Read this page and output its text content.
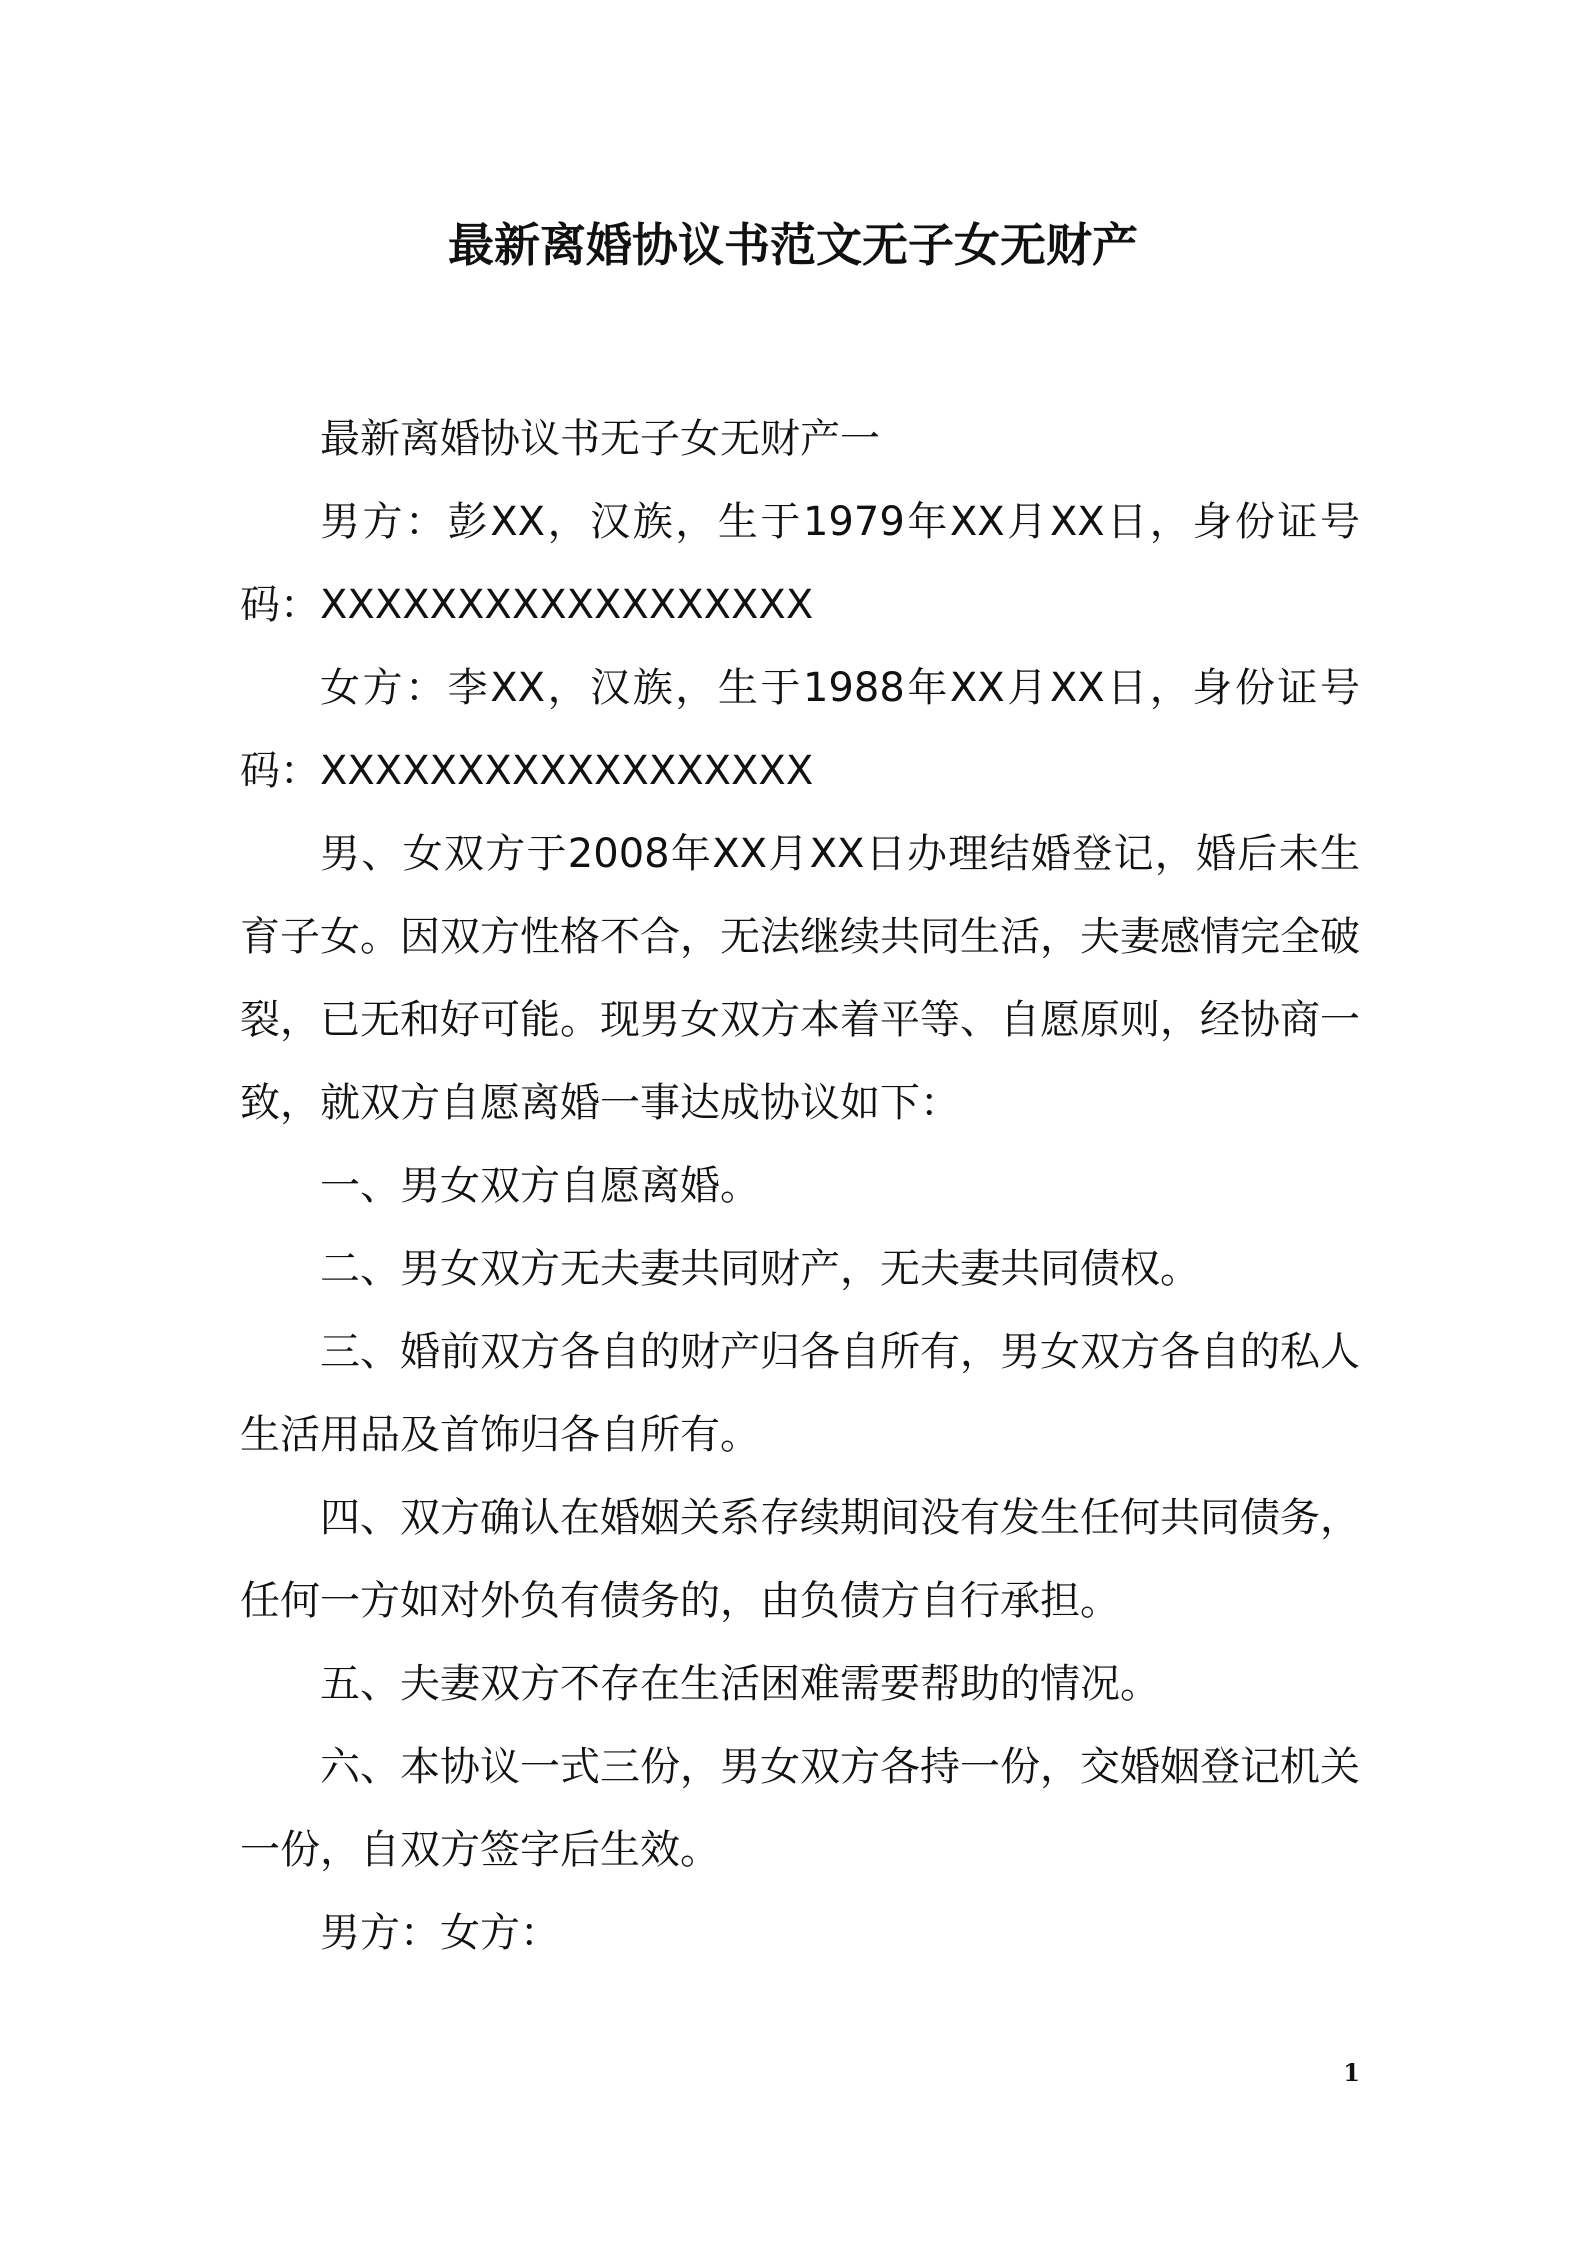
最新离婚协议书范文无子女无财产

最新离婚协议书无子女无财产一

男方：彭XX，汉族，生于1979年XX月XX日，身份证号码：XXXXXXXXXXXXXXXXXX

女方：李XX，汉族，生于1988年XX月XX日，身份证号码：XXXXXXXXXXXXXXXXXX

男、女双方于2008年XX月XX日办理结婚登记，婚后未生育子女。因双方性格不合，无法继续共同生活，夫妻感情完全破裂，已无和好可能。现男女双方本着平等、自愿原则，经协商一致，就双方自愿离婚一事达成协议如下：

一、男女双方自愿离婚。

二、男女双方无夫妻共同财产，无夫妻共同债权。

三、婚前双方各自的财产归各自所有，男女双方各自的私人生活用品及首饰归各自所有。

四、双方确认在婚姻关系存续期间没有发生任何共同债务，任何一方如对外负有债务的，由负债方自行承担。

五、夫妻双方不存在生活困难需要帮助的情况。

六、本协议一式三份，男女双方各持一份，交婚姻登记机关一份，自双方签字后生效。

男方：女方：

1
